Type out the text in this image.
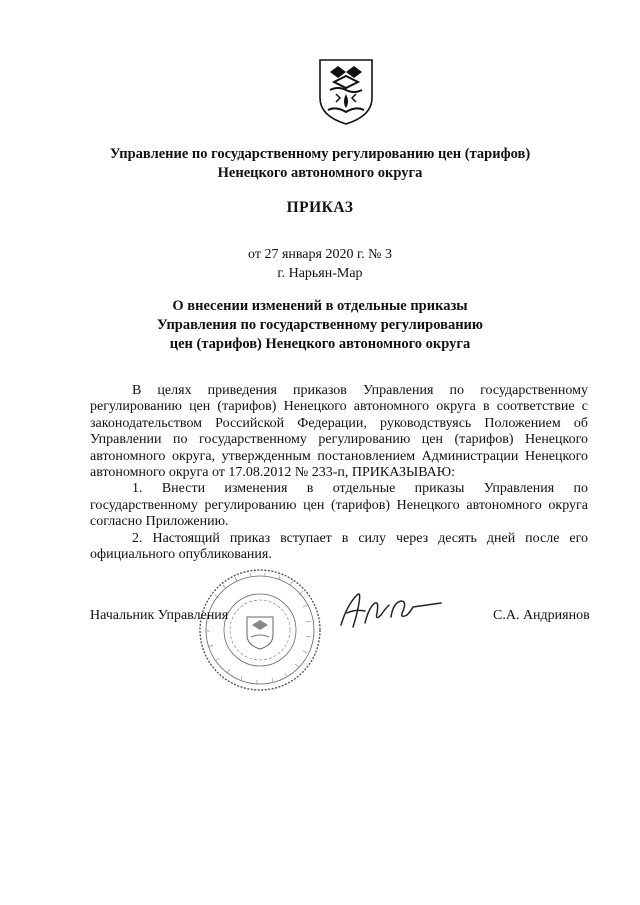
Управление по государственному регулированию цен (тарифов)
Ненецкого автономного округа
ПРИКАЗ
от 27 января 2020 г. № 3
г. Нарьян-Мар
О внесении изменений в отдельные приказы
Управления по государственному регулированию
цен (тарифов) Ненецкого автономного округа

В целях приведения приказов Управления по государственному регулированию цен (тарифов) Ненецкого автономного округа в соответствие с законодательством Российской Федерации, руководствуясь Положением об Управлении по государственному регулированию цен (тарифов) Ненецкого автономного округа, утвержденным постановлением Администрации Ненецкого автономного округа от 17.08.2012 № 233-п, ПРИКАЗЫВАЮ:

1. Внести изменения в отдельные приказы Управления по государственному регулированию цен (тарифов) Ненецкого автономного округа согласно Приложению.

2. Настоящий приказ вступает в силу через десять дней после его официального опубликования.

Начальник Управления	С.А. Андриянов
